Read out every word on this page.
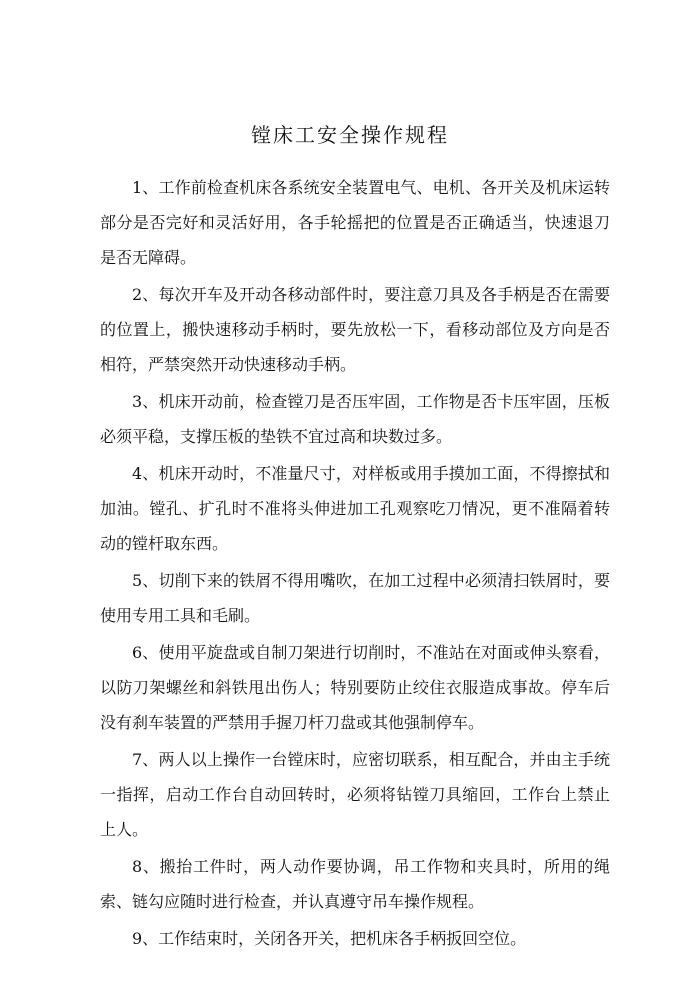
镗床工安全操作规程

1、工作前检查机床各系统安全装置电气、电机、各开关及机床运转部分是否完好和灵活好用，各手轮摇把的位置是否正确适当，快速退刀是否无障碍。

2、每次开车及开动各移动部件时，要注意刀具及各手柄是否在需要的位置上，搬快速移动手柄时，要先放松一下，看移动部位及方向是否相符，严禁突然开动快速移动手柄。

3、机床开动前，检查镗刀是否压牢固，工作物是否卡压牢固，压板必须平稳，支撑压板的垫铁不宜过高和块数过多。

4、机床开动时，不准量尺寸，对样板或用手摸加工面，不得擦拭和加油。镗孔、扩孔时不准将头伸进加工孔观察吃刀情况，更不准隔着转动的镗杆取东西。

5、切削下来的铁屑不得用嘴吹，在加工过程中必须清扫铁屑时，要使用专用工具和毛刷。

6、使用平旋盘或自制刀架进行切削时，不准站在对面或伸头察看，以防刀架螺丝和斜铁甩出伤人；特别要防止绞住衣服造成事故。停车后没有刹车装置的严禁用手握刀杆刀盘或其他强制停车。

7、两人以上操作一台镗床时，应密切联系，相互配合，并由主手统一指挥，启动工作台自动回转时，必须将钻镗刀具缩回，工作台上禁止上人。

8、搬抬工件时，两人动作要协调，吊工作物和夹具时，所用的绳索、链勾应随时进行检查，并认真遵守吊车操作规程。

9、工作结束时，关闭各开关，把机床各手柄扳回空位。
